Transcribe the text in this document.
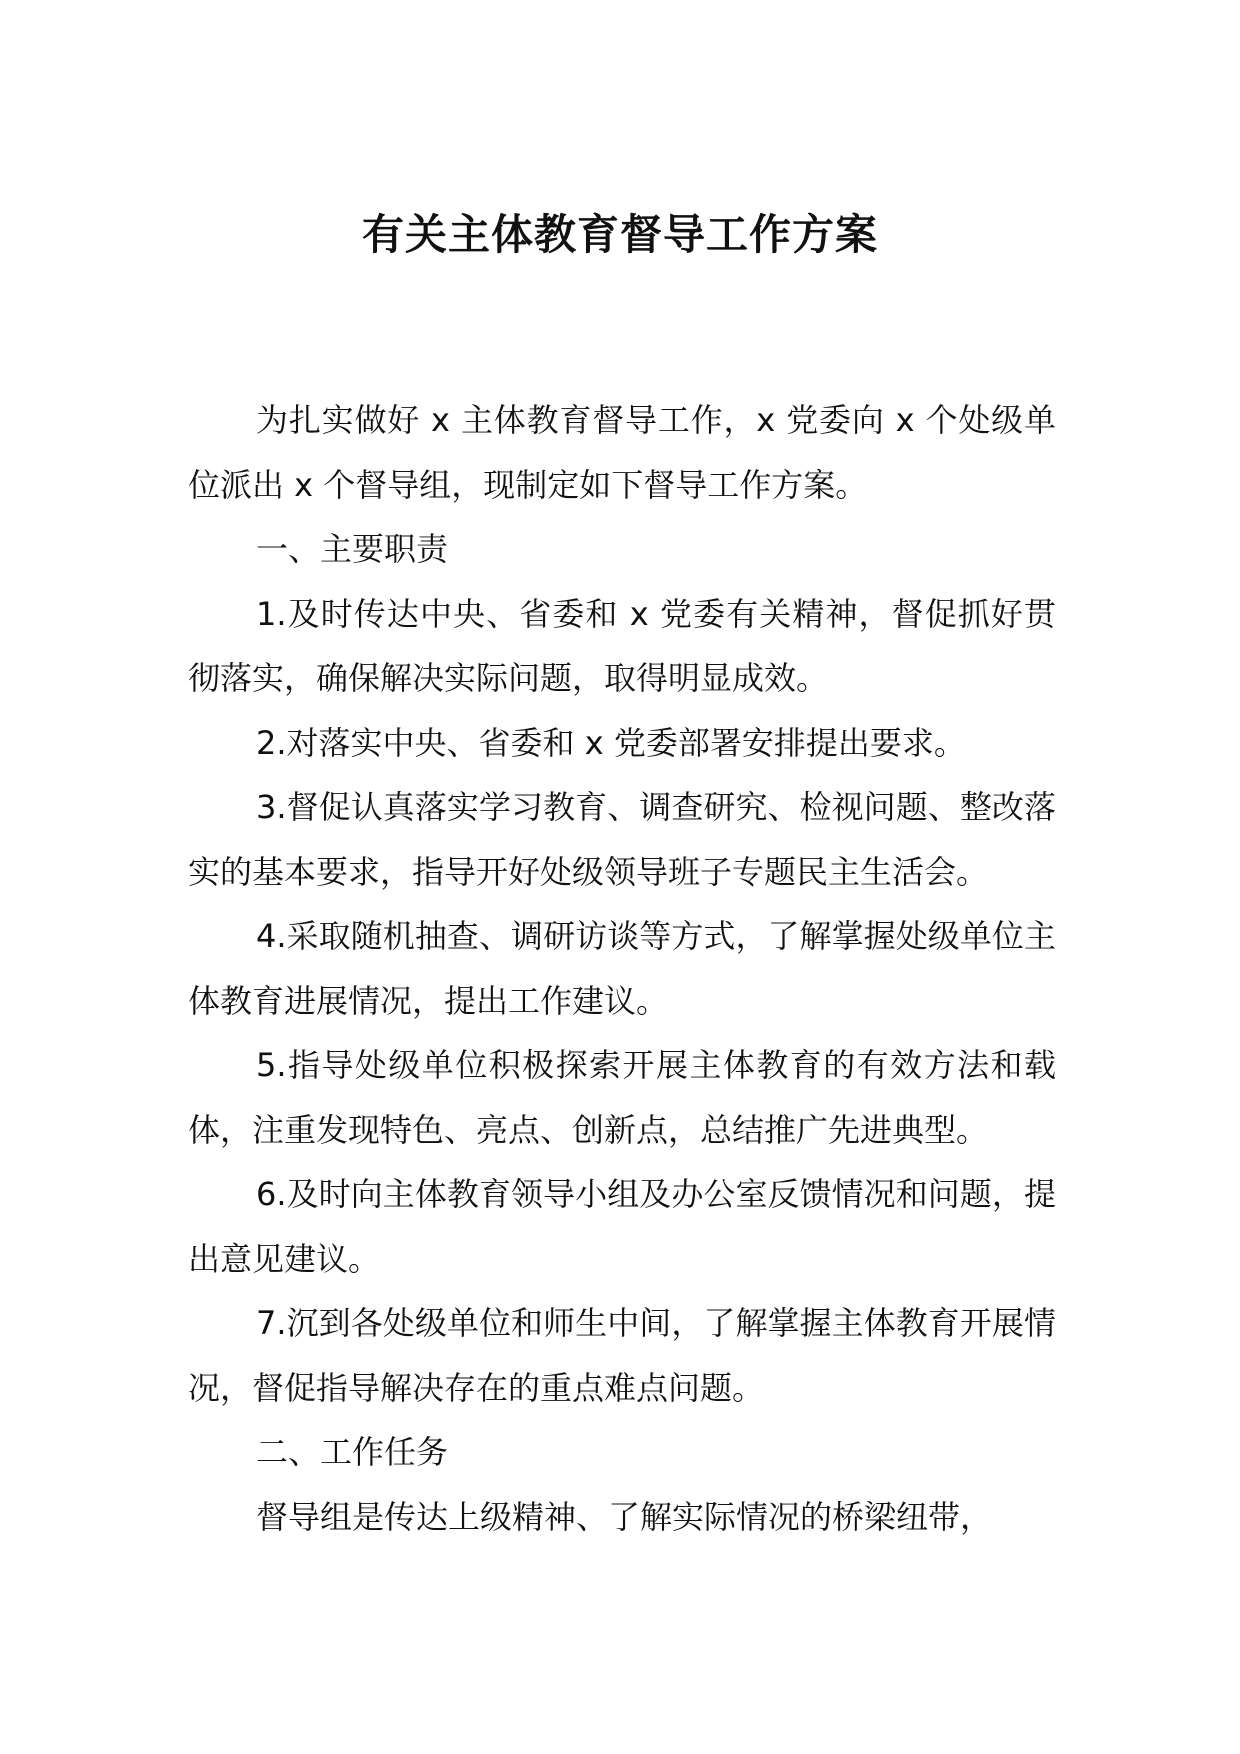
有关主体教育督导工作方案

为扎实做好 x 主体教育督导工作，x 党委向 x 个处级单位派出 x 个督导组，现制定如下督导工作方案。

一、主要职责

1.及时传达中央、省委和 x 党委有关精神，督促抓好贯彻落实，确保解决实际问题，取得明显成效。

2.对落实中央、省委和 x 党委部署安排提出要求。

3.督促认真落实学习教育、调查研究、检视问题、整改落实的基本要求，指导开好处级领导班子专题民主生活会。

4.采取随机抽查、调研访谈等方式，了解掌握处级单位主体教育进展情况，提出工作建议。

5.指导处级单位积极探索开展主体教育的有效方法和载体，注重发现特色、亮点、创新点，总结推广先进典型。

6.及时向主体教育领导小组及办公室反馈情况和问题，提出意见建议。

7.沉到各处级单位和师生中间，了解掌握主体教育开展情况，督促指导解决存在的重点难点问题。

二、工作任务

督导组是传达上级精神、了解实际情况的桥梁纽带，
